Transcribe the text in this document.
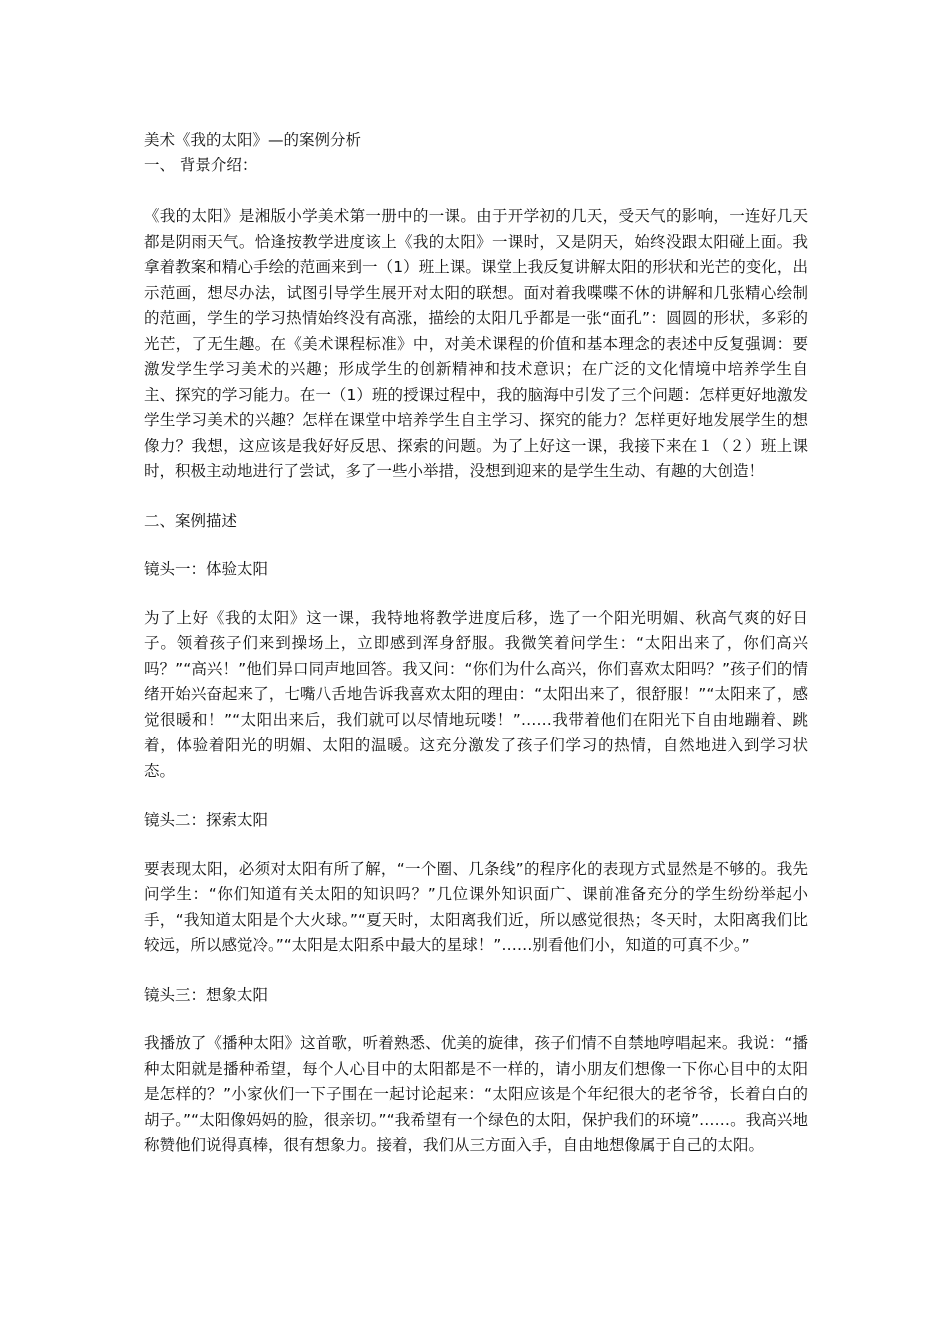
美术《我的太阳》—的案例分析

一、 背景介绍：

《我的太阳》是湘版小学美术第一册中的一课。由于开学初的几天，受天气的影响，一连好几天都是阴雨天气。恰逢按教学进度该上《我的太阳》一课时，又是阴天，始终没跟太阳碰上面。我拿着教案和精心手绘的范画来到一（1）班上课。课堂上我反复讲解太阳的形状和光芒的变化，出示范画，想尽办法，试图引导学生展开对太阳的联想。面对着我喋喋不休的讲解和几张精心绘制的范画，学生的学习热情始终没有高涨，描绘的太阳几乎都是一张“面孔”：圆圆的形状，多彩的光芒，了无生趣。在《美术课程标准》中，对美术课程的价值和基本理念的表述中反复强调：要激发学生学习美术的兴趣；形成学生的创新精神和技术意识；在广泛的文化情境中培养学生自主、探究的学习能力。在一（1）班的授课过程中，我的脑海中引发了三个问题：怎样更好地激发学生学习美术的兴趣？怎样在课堂中培养学生自主学习、探究的能力？怎样更好地发展学生的想像力？我想，这应该是我好好反思、探索的问题。为了上好这一课，我接下来在１（２）班上课时，积极主动地进行了尝试，多了一些小举措，没想到迎来的是学生生动、有趣的大创造！

二、案例描述

镜头一：体验太阳

为了上好《我的太阳》这一课，我特地将教学进度后移，选了一个阳光明媚、秋高气爽的好日子。领着孩子们来到操场上，立即感到浑身舒服。我微笑着问学生：“太阳出来了，你们高兴吗？”“高兴！”他们异口同声地回答。我又问：“你们为什么高兴，你们喜欢太阳吗？”孩子们的情绪开始兴奋起来了，七嘴八舌地告诉我喜欢太阳的理由：“太阳出来了，很舒服！”“太阳来了，感觉很暖和！”“太阳出来后，我们就可以尽情地玩喽！”……我带着他们在阳光下自由地蹦着、跳着，体验着阳光的明媚、太阳的温暖。这充分激发了孩子们学习的热情，自然地进入到学习状态。

镜头二：探索太阳

要表现太阳，必须对太阳有所了解，“一个圈、几条线”的程序化的表现方式显然是不够的。我先问学生：“你们知道有关太阳的知识吗？”几位课外知识面广、课前准备充分的学生纷纷举起小手，“我知道太阳是个大火球。”“夏天时，太阳离我们近，所以感觉很热；冬天时，太阳离我们比较远，所以感觉冷。”“太阳是太阳系中最大的星球！”……别看他们小，知道的可真不少。”

镜头三：想象太阳

我播放了《播种太阳》这首歌，听着熟悉、优美的旋律，孩子们情不自禁地哼唱起来。我说：“播种太阳就是播种希望，每个人心目中的太阳都是不一样的，请小朋友们想像一下你心目中的太阳是怎样的？”小家伙们一下子围在一起讨论起来：“太阳应该是个年纪很大的老爷爷，长着白白的胡子。”“太阳像妈妈的脸，很亲切。”“我希望有一个绿色的太阳，保护我们的环境”……。我高兴地称赞他们说得真棒，很有想象力。接着，我们从三方面入手，自由地想像属于自己的太阳。
